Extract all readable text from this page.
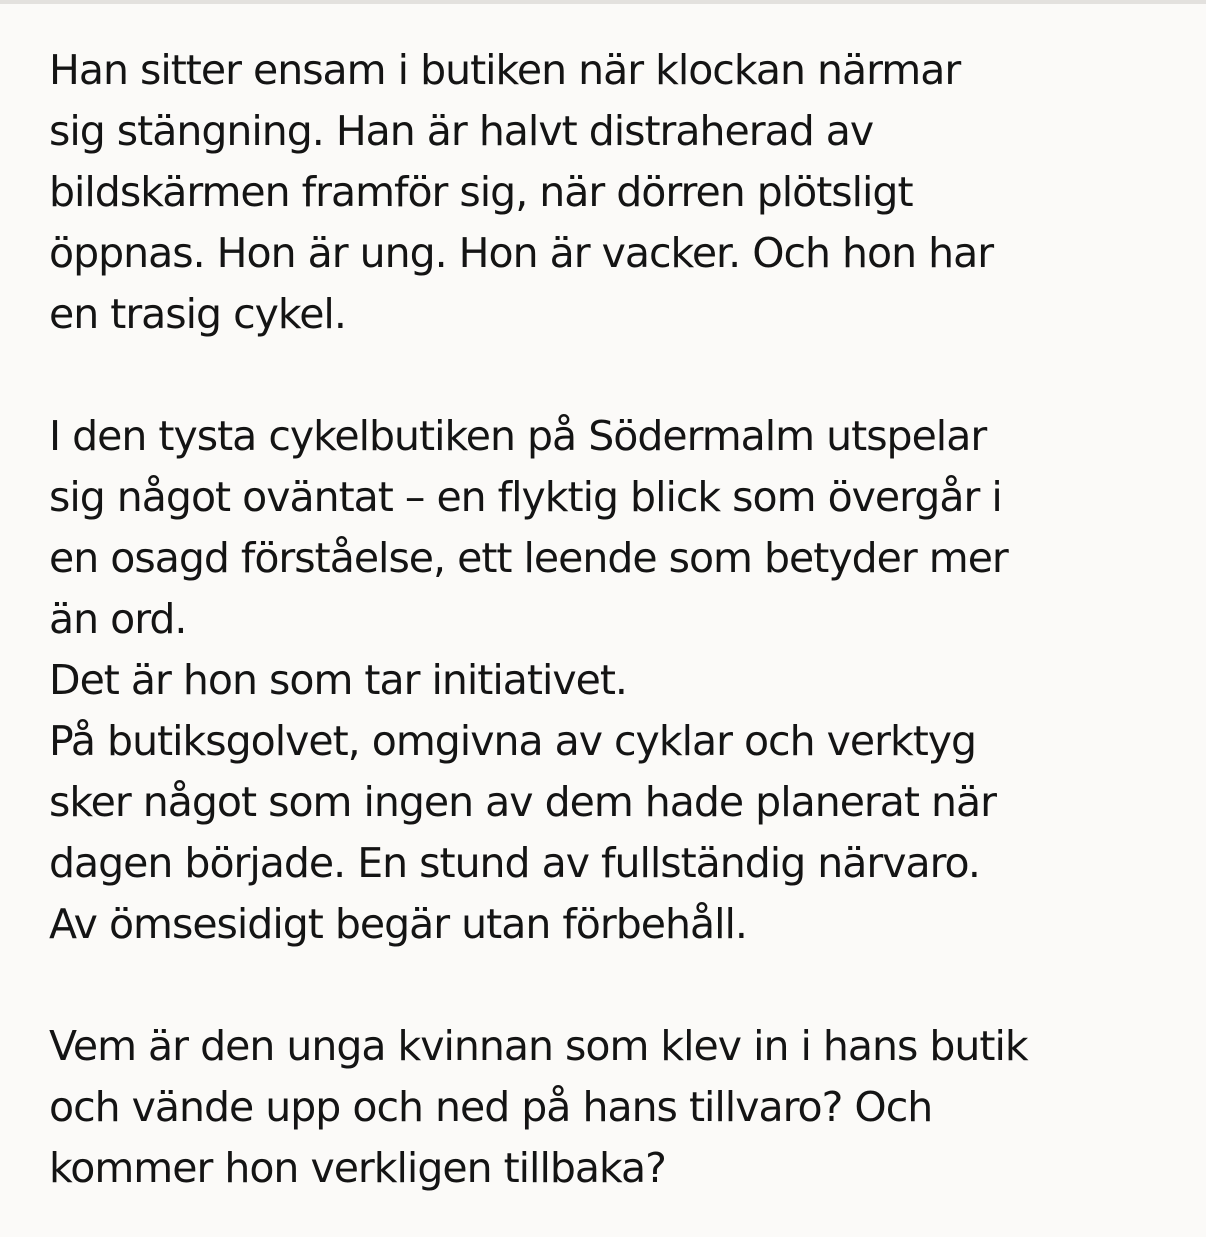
Han sitter ensam i butiken när klockan närmar
sig stängning. Han är halvt distraherad av
bildskärmen framför sig, när dörren plötsligt
öppnas. Hon är ung. Hon är vacker. Och hon har
en trasig cykel.

I den tysta cykelbutiken på Södermalm utspelar
sig något oväntat – en flyktig blick som övergår i
en osagd förståelse, ett leende som betyder mer
än ord.
Det är hon som tar initiativet.
På butiksgolvet, omgivna av cyklar och verktyg
sker något som ingen av dem hade planerat när
dagen började. En stund av fullständig närvaro.
Av ömsesidigt begär utan förbehåll.

Vem är den unga kvinnan som klev in i hans butik
och vände upp och ned på hans tillvaro? Och
kommer hon verkligen tillbaka?
